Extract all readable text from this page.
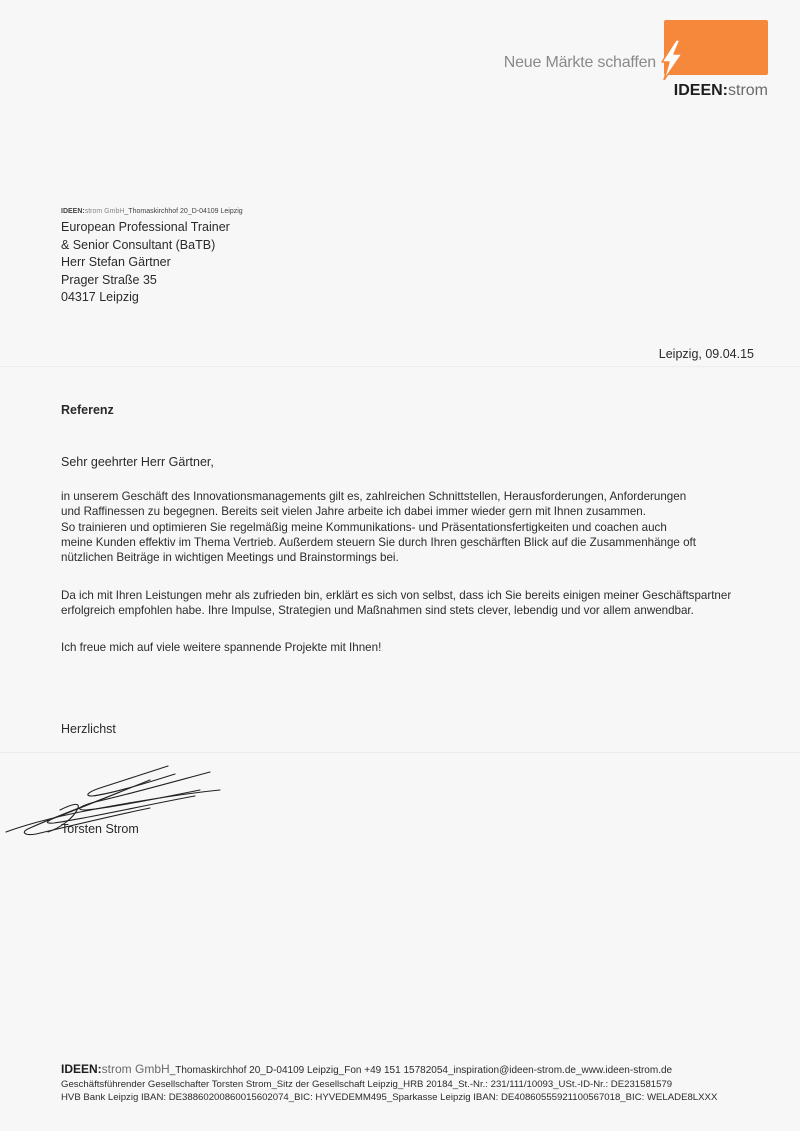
Neue Märkte schaffen
IDEEN:strom
IDEEN:strom GmbH_Thomaskirchhof 20_D-04109 Leipzig
European Professional Trainer
& Senior Consultant (BaTB)
Herr Stefan Gärtner
Prager Straße 35
04317 Leipzig
Leipzig, 09.04.15
Referenz
Sehr geehrter Herr Gärtner,
in unserem Geschäft des Innovationsmanagements gilt es, zahlreichen Schnittstellen, Herausforderungen, Anforderungen
und Raffinessen zu begegnen. Bereits seit vielen Jahre arbeite ich dabei immer wieder gern mit Ihnen zusammen.
So trainieren und optimieren Sie regelmäßig meine Kommunikations- und Präsentationsfertigkeiten und coachen auch
meine Kunden effektiv im Thema Vertrieb. Außerdem steuern Sie durch Ihren geschärften Blick auf die Zusammenhänge oft
nützlichen Beiträge in wichtigen Meetings und Brainstormings bei.
Da ich mit Ihren Leistungen mehr als zufrieden bin, erklärt es sich von selbst, dass ich Sie bereits einigen meiner Geschäftspartner
erfolgreich empfohlen habe. Ihre Impulse, Strategien und Maßnahmen sind stets clever, lebendig und vor allem anwendbar.
Ich freue mich auf viele weitere spannende Projekte mit Ihnen!
Herzlichst
Torsten Strom
IDEEN:strom GmbH_Thomaskirchhof 20_D-04109 Leipzig_Fon +49 151 15782054_inspiration@ideen-strom.de_www.ideen-strom.de
Geschäftsführender Gesellschafter Torsten Strom_Sitz der Gesellschaft Leipzig_HRB 20184_St.-Nr.: 231/111/10093_USt.-ID-Nr.: DE231581579
HVB Bank Leipzig IBAN: DE38860200860015602074_BIC: HYVEDEMM495_Sparkasse Leipzig IBAN: DE40860555921100567018_BIC: WELADE8LXXX
